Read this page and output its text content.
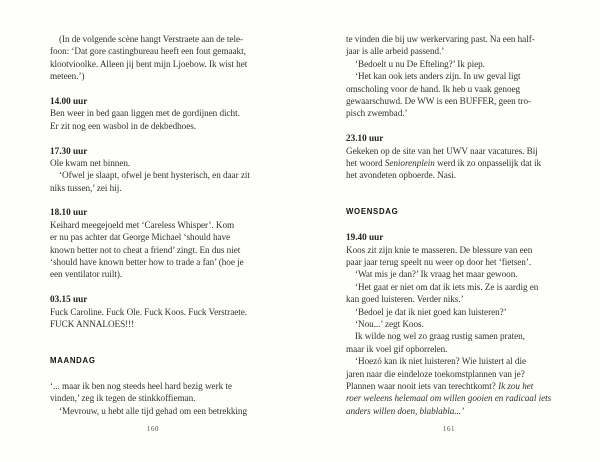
(In de volgende scène hangt Verstraete aan de tele-
foon: ‘Dat gore castingbureau heeft een fout gemaakt,
klootvioolke. Alleen jij bent mijn Ljoebow. Ik wist het
meteen.’)
14.00 uur
Ben weer in bed gaan liggen met de gordijnen dicht.
Er zit nog een wasbol in de dekbedhoes.
17.30 uur
Ole kwam net binnen.
‘Ofwel je slaapt, ofwel je bent hysterisch, en daar zit
niks tussen,’ zei hij.
18.10 uur
Keihard meegejoeld met ‘Careless Whisper’. Kom
er nu pas achter dat George Michael ‘should have
known better not to cheat a friend’ zingt. En dus niet
‘should have known better how to trade a fan’ (hoe je
een ventilator ruilt).
03.15 uur
Fuck Caroline. Fuck Ole. Fuck Koos. Fuck Verstraete.
FUCK ANNALOES!!!
MAANDAG
‘... maar ik ben nog steeds heel hard bezig werk te
vinden,’ zeg ik tegen de stinkkoffieman.
‘Mevrouw, u hebt alle tijd gehad om een betrekking
te vinden die bij uw werkervaring past. Na een half-
jaar is alle arbeid passend.’
‘Bedoelt u nu De Efteling?’ Ik piep.
‘Het kan ook iets anders zijn. In uw geval ligt
omscholing voor de hand. Ik heb u vaak genoeg
gewaarschuwd. De WW is een BUFFER, geen tro-
pisch zwembad.’
23.10 uur
Gekeken op de site van het UWV naar vacatures. Bij
het woord Seniorenplein werd ik zo onpasselijk dat ik
het avondeten opboerde. Nasi.
WOENSDAG
19.40 uur
Koos zit zijn knie te masseren. De blessure van een
paar jaar terug speelt nu weer op door het ‘fietsen’.
‘Wat mis je dan?’ Ik vraag het maar gewoon.
‘Het gaat er niet om dat ik iets mis. Ze is aardig en
kan goed luisteren. Verder niks.’
‘Bedoel je dat ik niet goed kan luisteren?’
‘Nou...’ zegt Koos.
Ik wilde nog wel zo graag rustig samen praten,
maar ik voel gif opborrelen.
‘Hoezó kan ik niet luisteren? Wie luistert al die
jaren naar die eindeloze toekomstplannen van je?
Plannen waar nooit iets van terechtkomt? Ik zou het
roer weleens helemaal om willen gooien en radicaal iets
anders willen doen, blablabla...’
160	161
